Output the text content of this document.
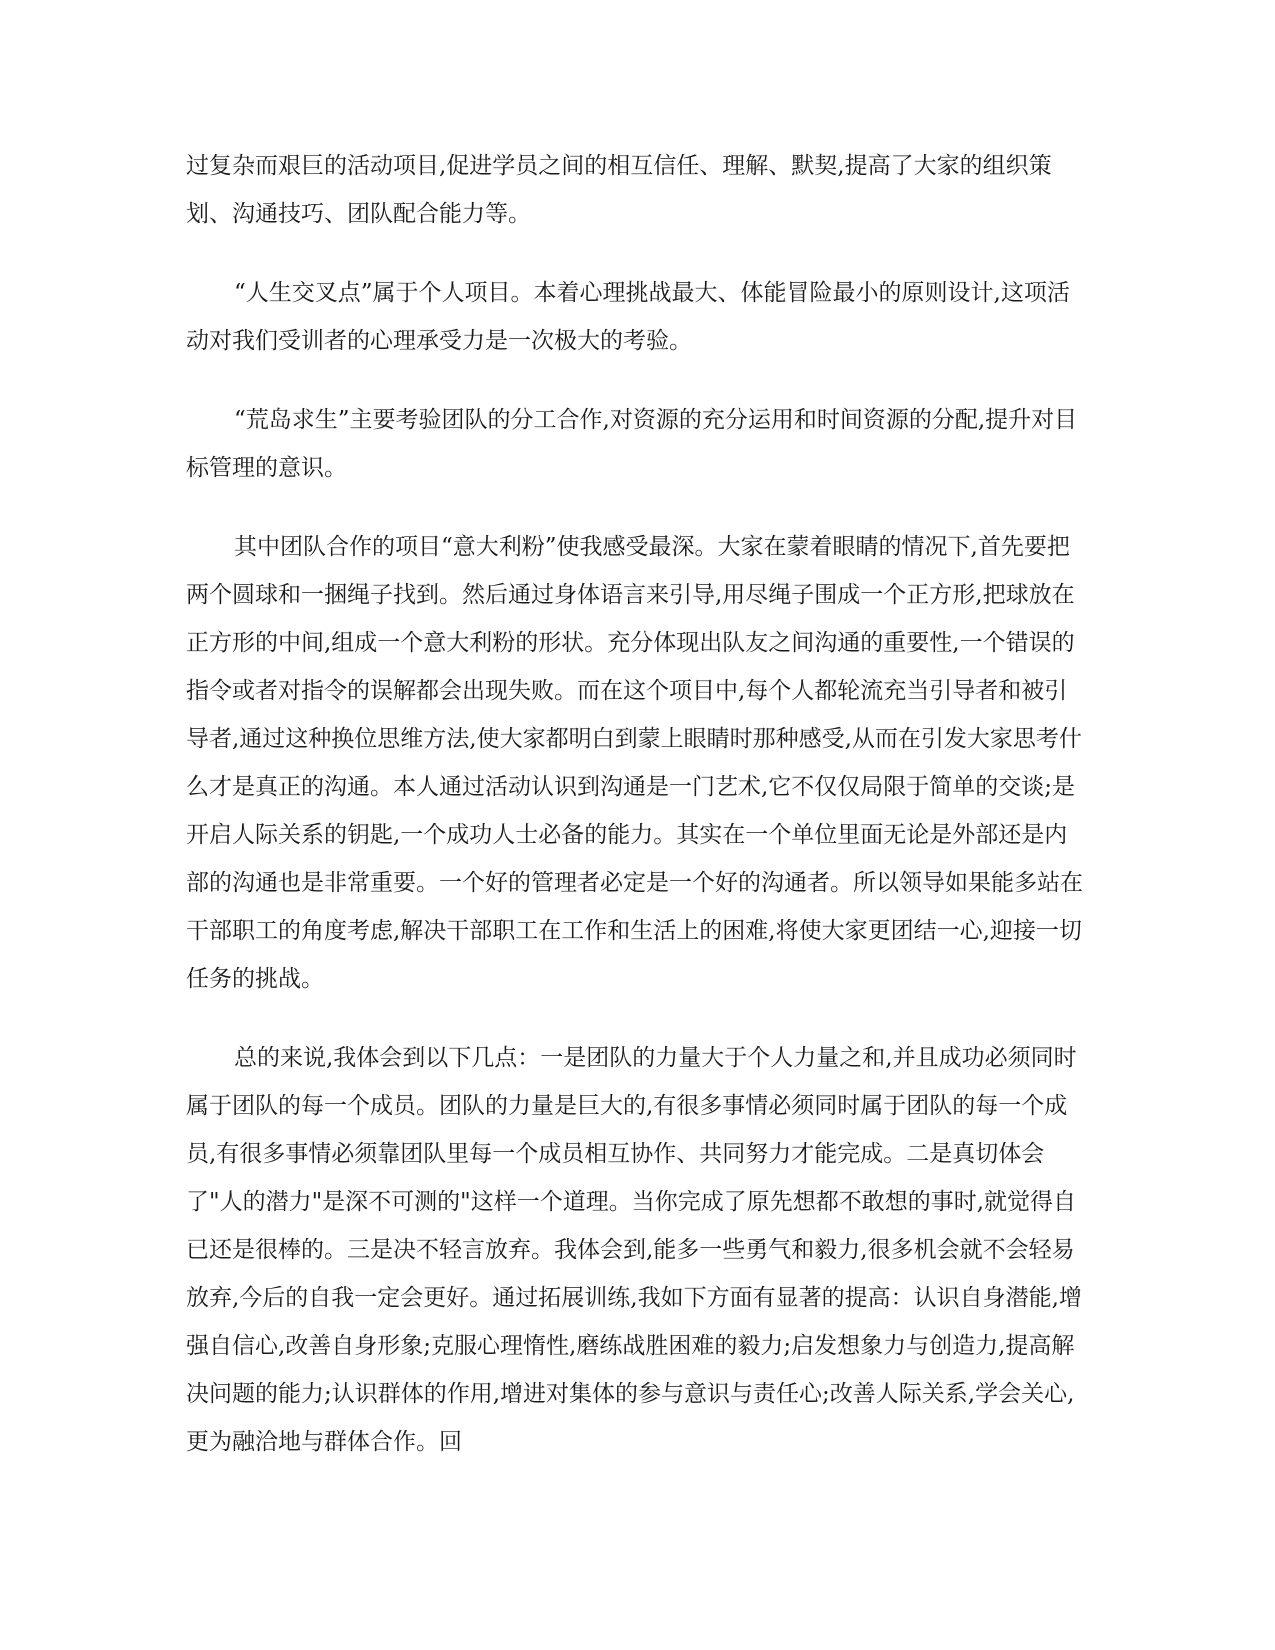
过复杂而艰巨的活动项目,促进学员之间的相互信任、理解、默契,提高了大家的组织策划、沟通技巧、团队配合能力等。

“人生交叉点”属于个人项目。本着心理挑战最大、体能冒险最小的原则设计,这项活动对我们受训者的心理承受力是一次极大的考验。

“荒岛求生”主要考验团队的分工合作,对资源的充分运用和时间资源的分配,提升对目标管理的意识。

其中团队合作的项目“意大利粉”使我感受最深。大家在蒙着眼睛的情况下,首先要把两个圆球和一捆绳子找到。然后通过身体语言来引导,用尽绳子围成一个正方形,把球放在正方形的中间,组成一个意大利粉的形状。充分体现出队友之间沟通的重要性,一个错误的指令或者对指令的误解都会出现失败。而在这个项目中,每个人都轮流充当引导者和被引导者,通过这种换位思维方法,使大家都明白到蒙上眼睛时那种感受,从而在引发大家思考什么才是真正的沟通。本人通过活动认识到沟通是一门艺术,它不仅仅局限于简单的交谈;是开启人际关系的钥匙,一个成功人士必备的能力。其实在一个单位里面无论是外部还是内部的沟通也是非常重要。一个好的管理者必定是一个好的沟通者。所以领导如果能多站在干部职工的角度考虑,解决干部职工在工作和生活上的困难,将使大家更团结一心,迎接一切任务的挑战。

总的来说,我体会到以下几点：一是团队的力量大于个人力量之和,并且成功必须同时属于团队的每一个成员。团队的力量是巨大的,有很多事情必须同时属于团队的每一个成员,有很多事情必须靠团队里每一个成员相互协作、共同努力才能完成。二是真切体会了"人的潜力"是深不可测的"这样一个道理。当你完成了原先想都不敢想的事时,就觉得自已还是很棒的。三是决不轻言放弃。我体会到,能多一些勇气和毅力,很多机会就不会轻易放弃,今后的自我一定会更好。通过拓展训练,我如下方面有显著的提高：认识自身潜能,增强自信心,改善自身形象;克服心理惰性,磨练战胜困难的毅力;启发想象力与创造力,提高解决问题的能力;认识群体的作用,增进对集体的参与意识与责任心;改善人际关系,学会关心,更为融洽地与群体合作。回
